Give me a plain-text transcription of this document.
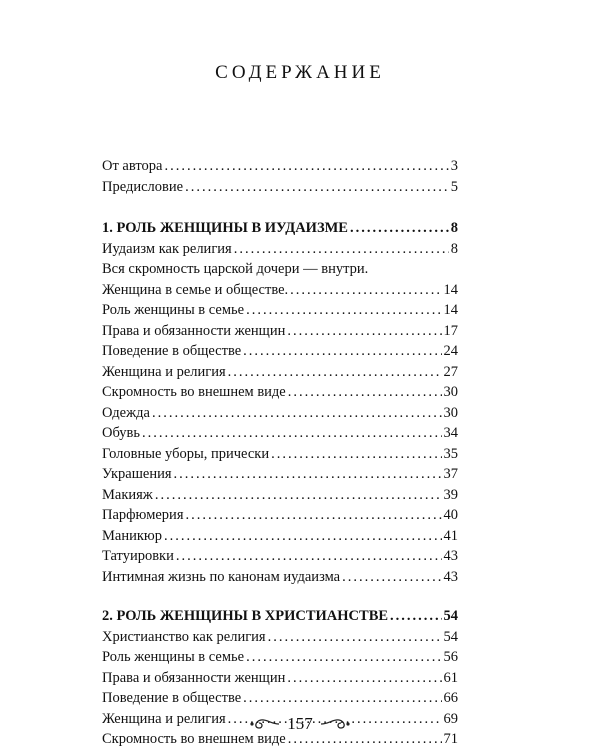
СОДЕРЖАНИЕ
От автора .....	3
Предисловие .....	5
1. РОЛЬ ЖЕНЩИНЫ В ИУДАИЗМЕ .....	8
Иудаизм как религия .....	8
Вся скромность царской дочери — внутри.
Женщина в семье и обществе. .....	14
Роль женщины в семье .....	14
Права и обязанности женщин .....	17
Поведение в обществе .....	24
Женщина и религия .....	27
Скромность во внешнем виде .....	30
Одежда .....	30
Обувь .....	34
Головные уборы, прически .....	35
Украшения .....	37
Макияж .....	39
Парфюмерия .....	40
Маникюр .....	41
Татуировки .....	43
Интимная жизнь по канонам иудаизма .....	43
2. РОЛЬ ЖЕНЩИНЫ В ХРИСТИАНСТВЕ .....	54
Христианство как религия .....	54
Роль женщины в семье .....	56
Права и обязанности женщин .....	61
Поведение в обществе .....	66
Женщина и религия .....	69
Скромность во внешнем виде .....	71
157
